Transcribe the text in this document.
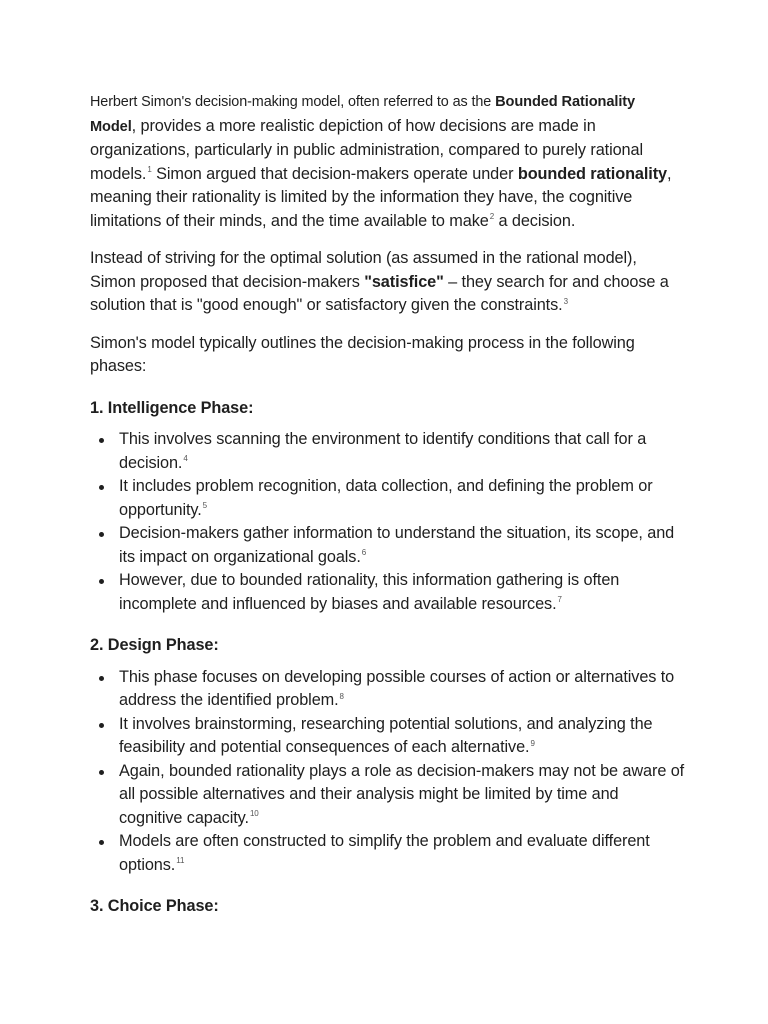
Herbert Simon's decision-making model, often referred to as the Bounded Rationality Model, provides a more realistic depiction of how decisions are made in organizations, particularly in public administration, compared to purely rational models.$^1$ Simon argued that decision-makers operate under bounded rationality, meaning their rationality is limited by the information they have, the cognitive limitations of their minds, and the time available to make$^2$ a decision.

Instead of striving for the optimal solution (as assumed in the rational model), Simon proposed that decision-makers "satisfice" – they search for and choose a solution that is "good enough" or satisfactory given the constraints.$^3$

Simon's model typically outlines the decision-making process in the following phases:

1. Intelligence Phase:
This involves scanning the environment to identify conditions that call for a decision.$^4$
It includes problem recognition, data collection, and defining the problem or opportunity.$^5$
Decision-makers gather information to understand the situation, its scope, and its impact on organizational goals.$^6$
However, due to bounded rationality, this information gathering is often incomplete and influenced by biases and available resources.$^7$
2. Design Phase:
This phase focuses on developing possible courses of action or alternatives to address the identified problem.$^8$
It involves brainstorming, researching potential solutions, and analyzing the feasibility and potential consequences of each alternative.$^9$
Again, bounded rationality plays a role as decision-makers may not be aware of all possible alternatives and their analysis might be limited by time and cognitive capacity.$^{10}$
Models are often constructed to simplify the problem and evaluate different options.$^{11}$
3. Choice Phase:
